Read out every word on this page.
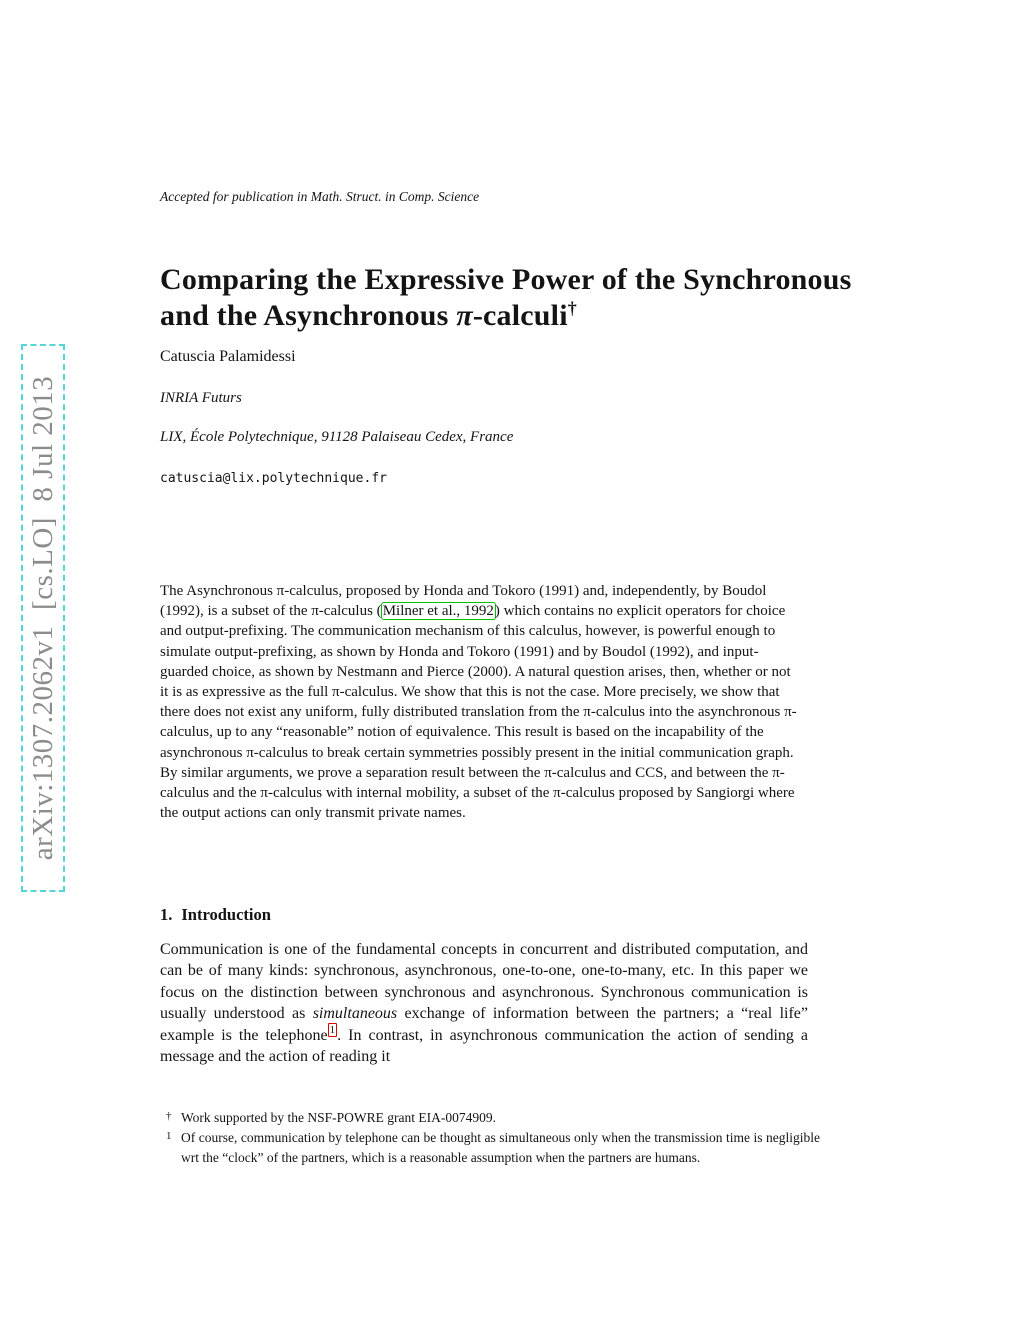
arXiv:1307.2062v1  [cs.LO]  8 Jul 2013
Accepted for publication in Math. Struct. in Comp. Science
Comparing the Expressive Power of the Synchronous and the Asynchronous π-calculi†
Catuscia Palamidessi
INRIA Futurs
LIX, École Polytechnique, 91128 Palaiseau Cedex, France
catuscia@lix.polytechnique.fr
The Asynchronous π-calculus, proposed by Honda and Tokoro (1991) and, independently, by Boudol (1992), is a subset of the π-calculus (Milner et al., 1992) which contains no explicit operators for choice and output-prefixing. The communication mechanism of this calculus, however, is powerful enough to simulate output-prefixing, as shown by Honda and Tokoro (1991) and by Boudol (1992), and input-guarded choice, as shown by Nestmann and Pierce (2000). A natural question arises, then, whether or not it is as expressive as the full π-calculus. We show that this is not the case. More precisely, we show that there does not exist any uniform, fully distributed translation from the π-calculus into the asynchronous π-calculus, up to any “reasonable” notion of equivalence. This result is based on the incapability of the asynchronous π-calculus to break certain symmetries possibly present in the initial communication graph. By similar arguments, we prove a separation result between the π-calculus and CCS, and between the π-calculus and the π-calculus with internal mobility, a subset of the π-calculus proposed by Sangiorgi where the output actions can only transmit private names.
1. Introduction
Communication is one of the fundamental concepts in concurrent and distributed computation, and can be of many kinds: synchronous, asynchronous, one-to-one, one-to-many, etc. In this paper we focus on the distinction between synchronous and asynchronous. Synchronous communication is usually understood as simultaneous exchange of information between the partners; a “real life” example is the telephone $^1$ . In contrast, in asynchronous communication the action of sending a message and the action of reading it
† Work supported by the NSF-POWRE grant EIA-0074909.
1 Of course, communication by telephone can be thought as simultaneous only when the transmission time is negligible wrt the “clock” of the partners, which is a reasonable assumption when the partners are humans.
